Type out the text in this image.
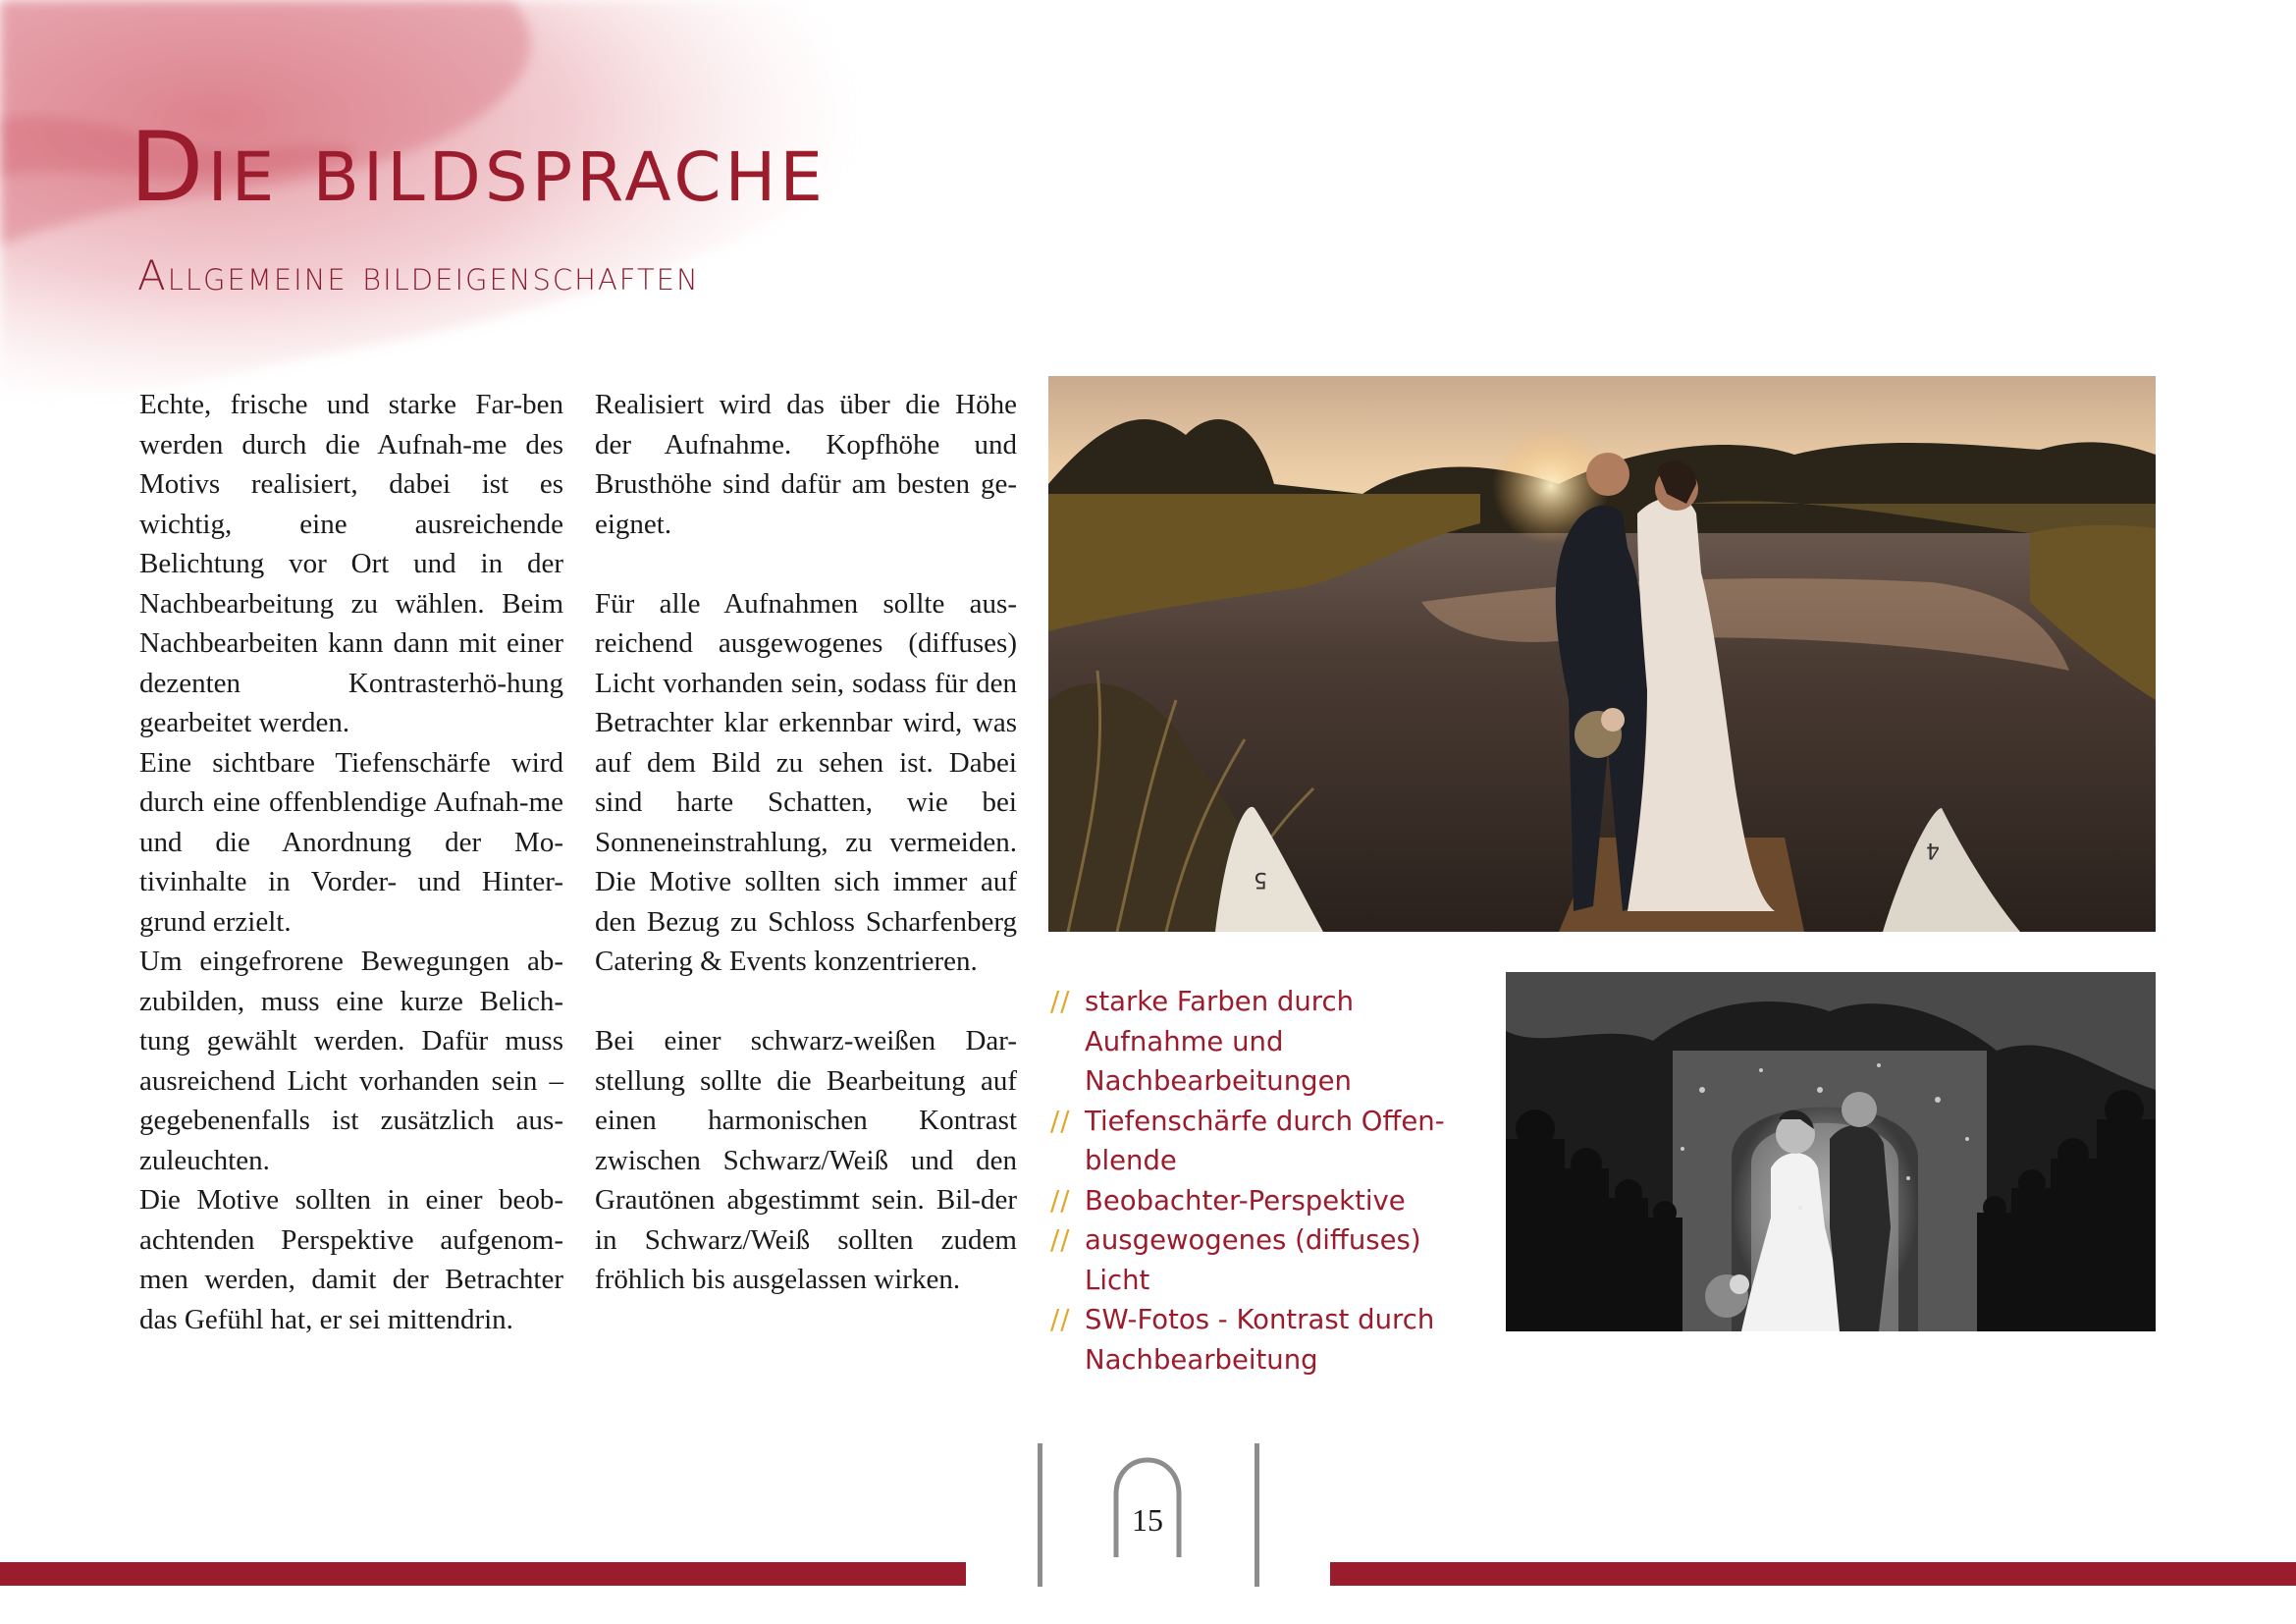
Die bildsprache
Allgemeine bildeigenschaften

Echte, frische und starke Far-ben werden durch die Aufnah-me des Motivs realisiert, dabei ist es wichtig, eine ausreichende Belichtung vor Ort und in der Nachbearbeitung zu wählen. Beim Nachbearbeiten kann dann mit einer dezenten Kontrasterhö-hung gearbeitet werden.

Eine sichtbare Tiefenschärfe wird durch eine offenblendige Aufnah-me und die Anordnung der Mo-tivinhalte in Vorder- und Hinter-grund erzielt.

Um eingefrorene Bewegungen ab-zubilden, muss eine kurze Belich-tung gewählt werden. Dafür muss ausreichend Licht vorhanden sein – gegebenenfalls ist zusätzlich aus-zuleuchten.

Die Motive sollten in einer beob-achtenden Perspektive aufgenom-men werden, damit der Betrachter das Gefühl hat, er sei mittendrin.

Realisiert wird das über die Höhe der Aufnahme. Kopfhöhe und Brusthöhe sind dafür am besten ge-eignet.

Für alle Aufnahmen sollte aus-reichend ausgewogenes (diffuses) Licht vorhanden sein, sodass für den Betrachter klar erkennbar wird, was auf dem Bild zu sehen ist. Dabei sind harte Schatten, wie bei Sonneneinstrahlung, zu vermeiden. Die Motive sollten sich immer auf den Bezug zu Schloss Scharfenberg Catering & Events konzentrieren.

Bei einer schwarz-weißen Dar-stellung sollte die Bearbeitung auf einen harmonischen Kontrast zwischen Schwarz/Weiß und den Grautönen abgestimmt sein. Bil-der in Schwarz/Weiß sollten zudem fröhlich bis ausgelassen wirken.

5
4
// starke Farben durch Aufnahme und Nachbearbeitungen
// Tiefenschärfe durch Offen-blende
// Beobachter-Perspektive
// ausgewogenes (diffuses) Licht
// SW-Fotos - Kontrast durch Nachbearbeitung
15
